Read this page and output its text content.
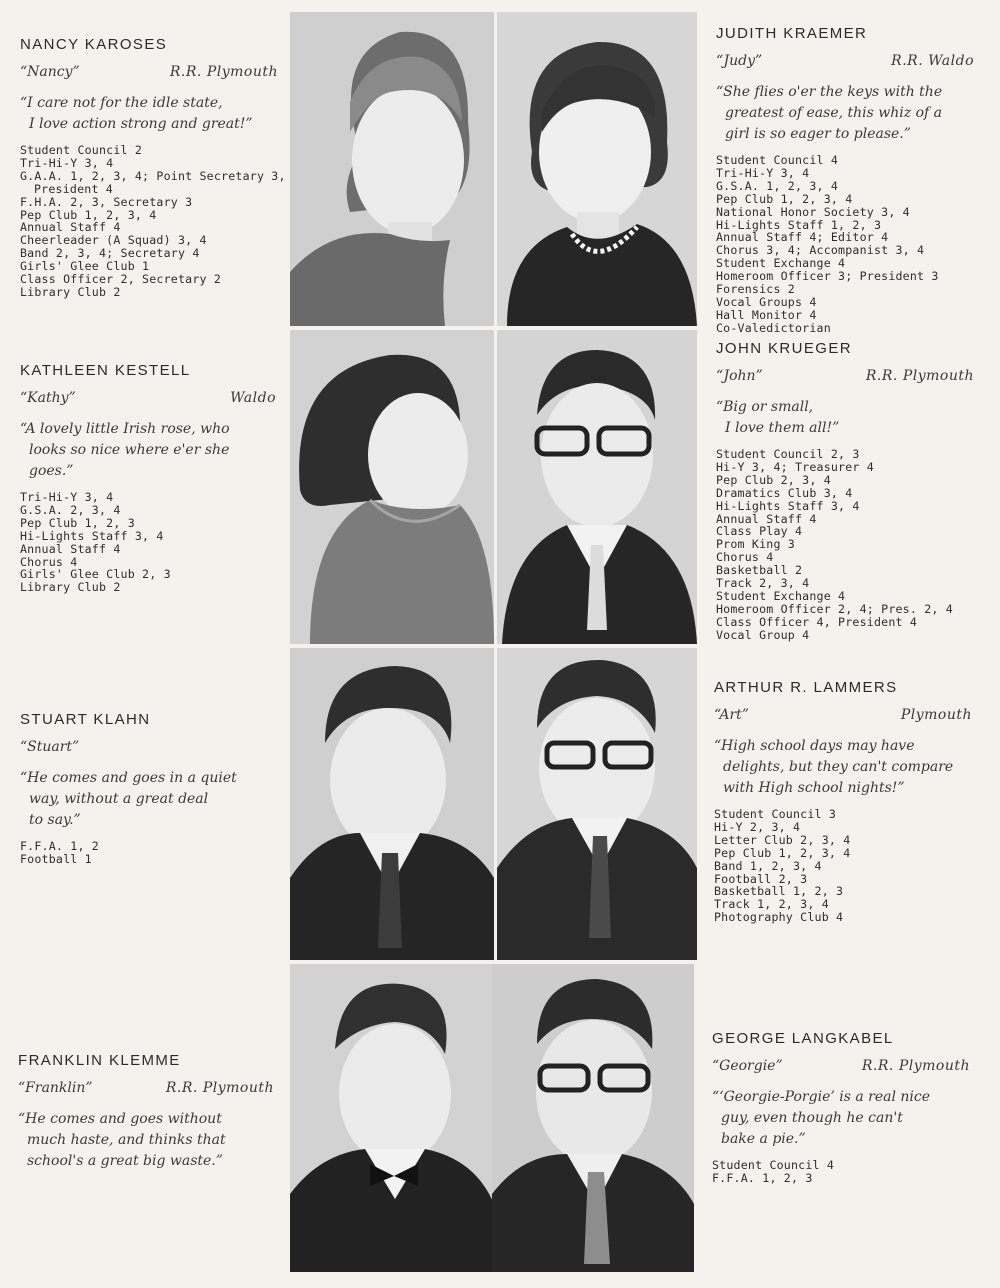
NANCY KAROSES
“Nancy”	R.R. Plymouth
“I care not for the idle state,
I love action strong and great!”
Student Council 2
Tri-Hi-Y 3, 4
G.A.A. 1, 2, 3, 4; Point Secretary 3,
President 4
F.H.A. 2, 3, Secretary 3
Pep Club 1, 2, 3, 4
Annual Staff 4
Cheerleader (A Squad) 3, 4
Band 2, 3, 4; Secretary 4
Girls' Glee Club 1
Class Officer 2, Secretary 2
Library Club 2
JUDITH KRAEMER
“Judy”	R.R. Waldo
“She flies o'er the keys with the
greatest of ease, this whiz of a
girl is so eager to please.”
Student Council 4
Tri-Hi-Y 3, 4
G.S.A. 1, 2, 3, 4
Pep Club 1, 2, 3, 4
National Honor Society 3, 4
Hi-Lights Staff 1, 2, 3
Annual Staff 4; Editor 4
Chorus 3, 4; Accompanist 3, 4
Student Exchange 4
Homeroom Officer 3; President 3
Forensics 2
Vocal Groups 4
Hall Monitor 4
Co-Valedictorian
KATHLEEN KESTELL
“Kathy”	Waldo
“A lovely little Irish rose, who
looks so nice where e'er she
goes.”
Tri-Hi-Y 3, 4
G.S.A. 2, 3, 4
Pep Club 1, 2, 3
Hi-Lights Staff 3, 4
Annual Staff 4
Chorus 4
Girls' Glee Club 2, 3
Library Club 2
JOHN KRUEGER
“John”	R.R. Plymouth
“Big or small,
I love them all!”
Student Council 2, 3
Hi-Y 3, 4; Treasurer 4
Pep Club 2, 3, 4
Dramatics Club 3, 4
Hi-Lights Staff 3, 4
Annual Staff 4
Class Play 4
Prom King 3
Chorus 4
Basketball 2
Track 2, 3, 4
Student Exchange 4
Homeroom Officer 2, 4; Pres. 2, 4
Class Officer 4, President 4
Vocal Group 4
STUART KLAHN
“Stuart”
“He comes and goes in a quiet
way, without a great deal
to say.”
F.F.A. 1, 2
Football 1
ARTHUR R. LAMMERS
“Art”	Plymouth
“High school days may have
delights, but they can't compare
with High school nights!”
Student Council 3
Hi-Y 2, 3, 4
Letter Club 2, 3, 4
Pep Club 1, 2, 3, 4
Band 1, 2, 3, 4
Football 2, 3
Basketball 1, 2, 3
Track 1, 2, 3, 4
Photography Club 4
FRANKLIN KLEMME
“Franklin”	R.R. Plymouth
“He comes and goes without
much haste, and thinks that
school's a great big waste.”
GEORGE LANGKABEL
“Georgie”	R.R. Plymouth
“‘Georgie-Porgie’ is a real nice
guy, even though he can't
bake a pie.”
Student Council 4
F.F.A. 1, 2, 3
